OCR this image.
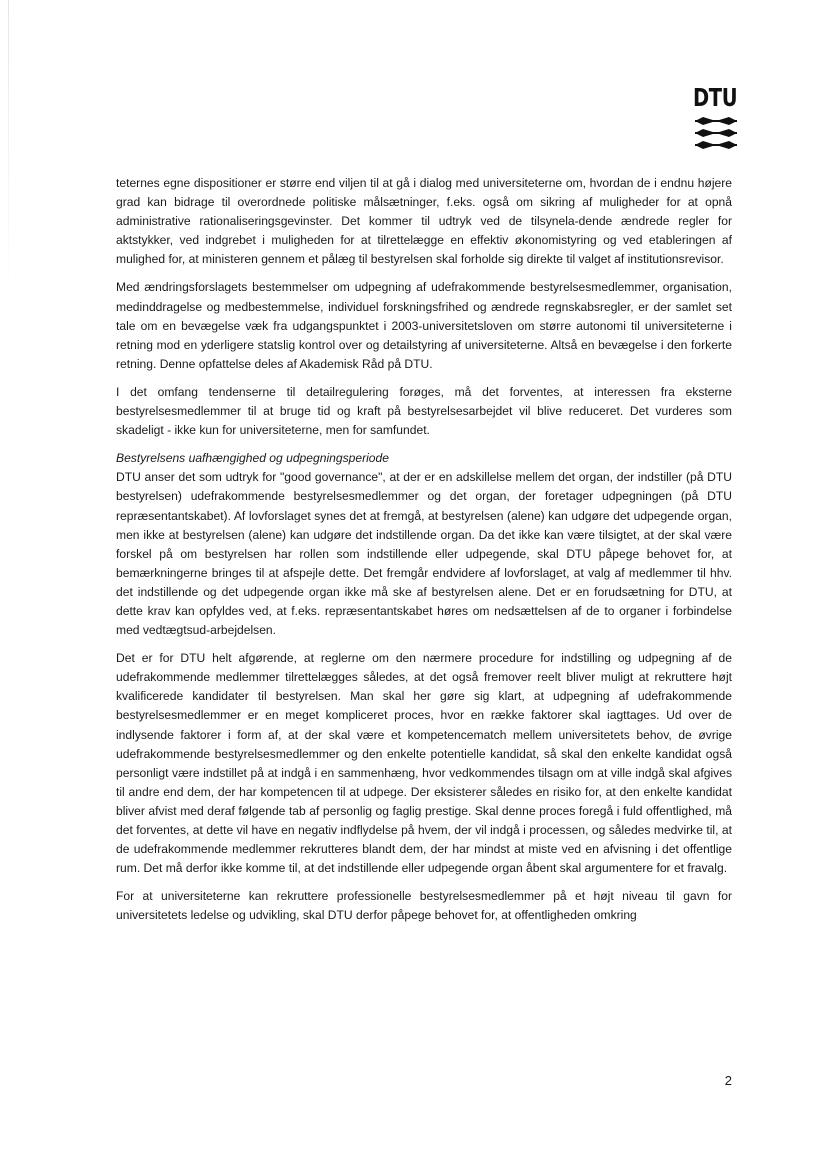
DTU

teternes egne dispositioner er større end viljen til at gå i dialog med universiteterne om, hvordan de i endnu højere grad kan bidrage til overordnede politiske målsætninger, f.eks. også om sikring af muligheder for at opnå administrative rationaliseringsgevinster. Det kommer til udtryk ved de tilsynela-dende ændrede regler for aktstykker, ved indgrebet i muligheden for at tilrettelægge en effektiv økonomistyring og ved etableringen af mulighed for, at ministeren gennem et pålæg til bestyrelsen skal forholde sig direkte til valget af institutionsrevisor.

Med ændringsforslagets bestemmelser om udpegning af udefrakommende bestyrelsesmedlemmer, organisation, medinddragelse og medbestemmelse, individuel forskningsfrihed og ændrede regnskabsregler, er der samlet set tale om en bevægelse væk fra udgangspunktet i 2003-universitetsloven om større autonomi til universiteterne i retning mod en yderligere statslig kontrol over og detailstyring af universiteterne. Altså en bevægelse i den forkerte retning. Denne opfattelse deles af Akademisk Råd på DTU.

I det omfang tendenserne til detailregulering forøges, må det forventes, at interessen fra eksterne bestyrelsesmedlemmer til at bruge tid og kraft på bestyrelsesarbejdet vil blive reduceret. Det vurderes som skadeligt - ikke kun for universiteterne, men for samfundet.

Bestyrelsens uafhængighed og udpegningsperiode

DTU anser det som udtryk for "good governance", at der er en adskillelse mellem det organ, der indstiller (på DTU bestyrelsen) udefrakommende bestyrelsesmedlemmer og det organ, der foretager udpegningen (på DTU repræsentantskabet). Af lovforslaget synes det at fremgå, at bestyrelsen (alene) kan udgøre det udpegende organ, men ikke at bestyrelsen (alene) kan udgøre det indstillende organ. Da det ikke kan være tilsigtet, at der skal være forskel på om bestyrelsen har rollen som indstillende eller udpegende, skal DTU påpege behovet for, at bemærkningerne bringes til at afspejle dette. Det fremgår endvidere af lovforslaget, at valg af medlemmer til hhv. det indstillende og det udpegende organ ikke må ske af bestyrelsen alene. Det er en forudsætning for DTU, at dette krav kan opfyldes ved, at f.eks. repræsentantskabet høres om nedsættelsen af de to organer i forbindelse med vedtægtsud-arbejdelsen.

Det er for DTU helt afgørende, at reglerne om den nærmere procedure for indstilling og udpegning af de udefrakommende medlemmer tilrettelægges således, at det også fremover reelt bliver muligt at rekruttere højt kvalificerede kandidater til bestyrelsen. Man skal her gøre sig klart, at udpegning af udefrakommende bestyrelsesmedlemmer er en meget kompliceret proces, hvor en række faktorer skal iagttages. Ud over de indlysende faktorer i form af, at der skal være et kompetencematch mellem universitetets behov, de øvrige udefrakommende bestyrelsesmedlemmer og den enkelte potentielle kandidat, så skal den enkelte kandidat også personligt være indstillet på at indgå i en sammenhæng, hvor vedkommendes tilsagn om at ville indgå skal afgives til andre end dem, der har kompetencen til at udpege. Der eksisterer således en risiko for, at den enkelte kandidat bliver afvist med deraf følgende tab af personlig og faglig prestige. Skal denne proces foregå i fuld offentlighed, må det forventes, at dette vil have en negativ indflydelse på hvem, der vil indgå i processen, og således medvirke til, at de udefrakommende medlemmer rekrutteres blandt dem, der har mindst at miste ved en afvisning i det offentlige rum. Det må derfor ikke komme til, at det indstillende eller udpegende organ åbent skal argumentere for et fravalg.

For at universiteterne kan rekruttere professionelle bestyrelsesmedlemmer på et højt niveau til gavn for universitetets ledelse og udvikling, skal DTU derfor påpege behovet for, at offentligheden omkring

2
